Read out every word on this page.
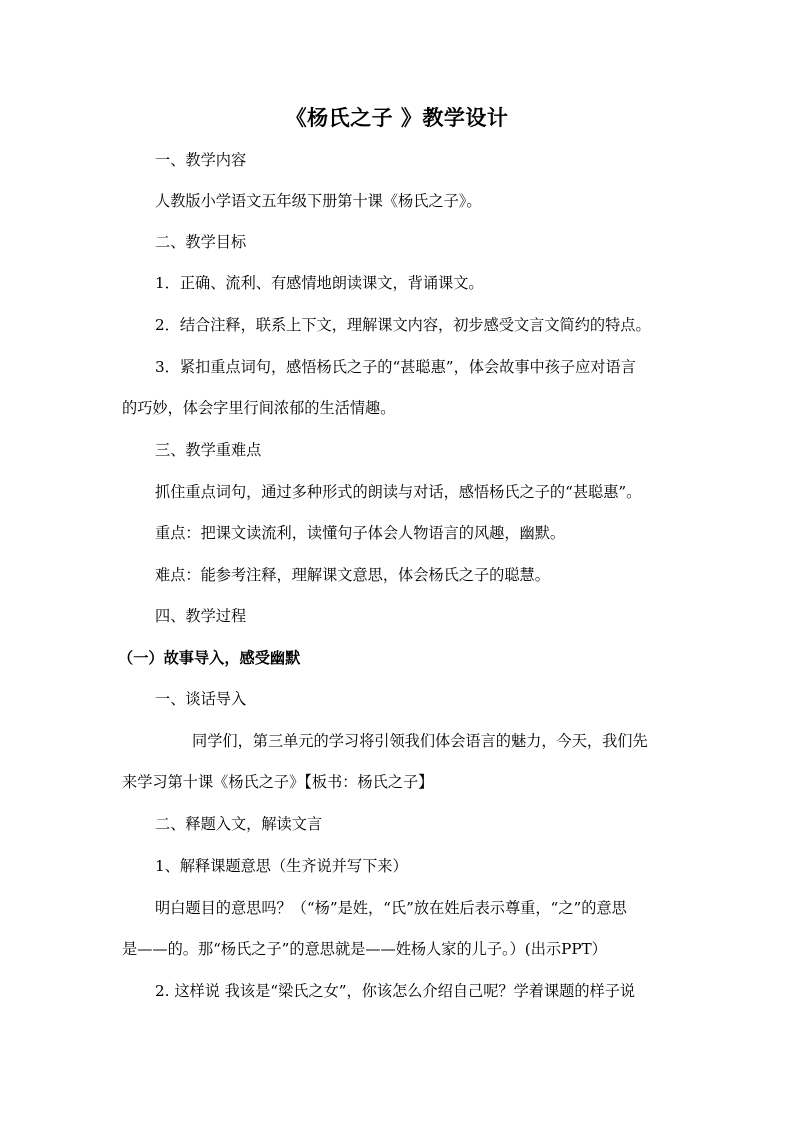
《杨氏之子 》教学设计
一、教学内容
人教版小学语文五年级下册第十课《杨氏之子》。
二、教学目标
1．正确、流利、有感情地朗读课文，背诵课文。
2．结合注释，联系上下文，理解课文内容，初步感受文言文简约的特点。
3．紧扣重点词句，感悟杨氏之子的“甚聪惠”，体会故事中孩子应对语言
的巧妙，体会字里行间浓郁的生活情趣。
三、教学重难点
抓住重点词句，通过多种形式的朗读与对话，感悟杨氏之子的“甚聪惠”。
重点：把课文读流利，读懂句子体会人物语言的风趣，幽默。
难点：能参考注释，理解课文意思，体会杨氏之子的聪慧。
四、教学过程
（一）故事导入，感受幽默
一、谈话导入
同学们，第三单元的学习将引领我们体会语言的魅力，今天，我们先
来学习第十课《杨氏之子》【板书：杨氏之子】
二、释题入文，解读文言
1、解释课题意思（生齐说并写下来）
明白题目的意思吗？（“杨”是姓，“氏”放在姓后表示尊重，“之”的意思
是——的。那“杨氏之子”的意思就是——姓杨人家的儿子。）(出示PPT）
2. 这样说 我该是“梁氏之女”，你该怎么介绍自己呢？学着课题的样子说
